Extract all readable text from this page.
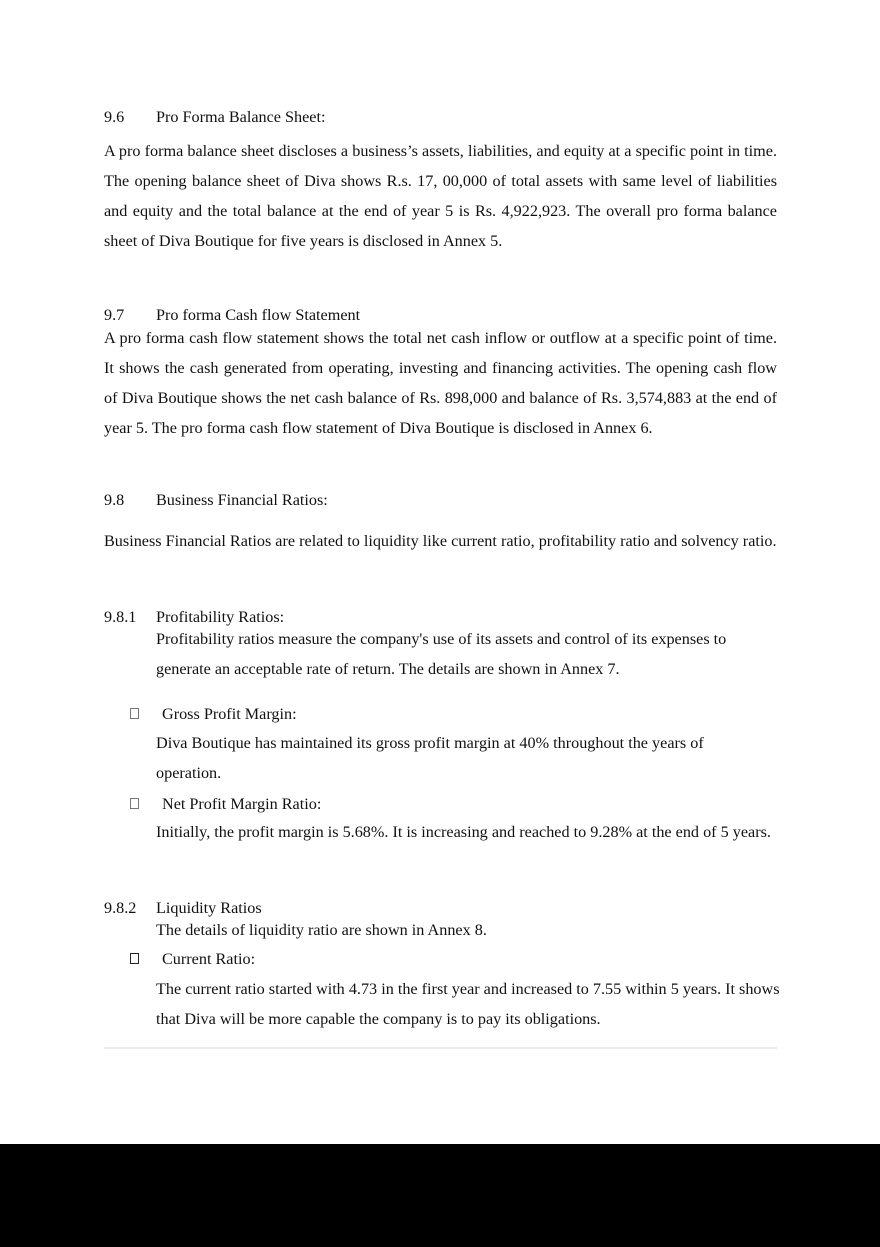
9.6 Pro Forma Balance Sheet:
A pro forma balance sheet discloses a business’s assets, liabilities, and equity at a specific point in time. The opening balance sheet of Diva shows R.s. 17, 00,000 of total assets with same level of liabilities and equity and the total balance at the end of year 5 is Rs. 4,922,923. The overall pro forma balance sheet of Diva Boutique for five years is disclosed in Annex 5.
9.7 Pro forma Cash flow Statement
A pro forma cash flow statement shows the total net cash inflow or outflow at a specific point of time. It shows the cash generated from operating, investing and financing activities. The opening cash flow of Diva Boutique shows the net cash balance of Rs. 898,000 and balance of Rs. 3,574,883 at the end of year 5. The pro forma cash flow statement of Diva Boutique is disclosed in Annex 6.
9.8 Business Financial Ratios:
Business Financial Ratios are related to liquidity like current ratio, profitability ratio and solvency ratio.
9.8.1 Profitability Ratios:
Profitability ratios measure the company's use of its assets and control of its expenses to generate an acceptable rate of return. The details are shown in Annex 7.
Gross Profit Margin:
Diva Boutique has maintained its gross profit margin at 40% throughout the years of operation.
Net Profit Margin Ratio:
Initially, the profit margin is 5.68%. It is increasing and reached to 9.28% at the end of 5 years.
9.8.2 Liquidity Ratios
The details of liquidity ratio are shown in Annex 8.
Current Ratio:
The current ratio started with 4.73 in the first year and increased to 7.55 within 5 years. It shows that Diva will be more capable the company is to pay its obligations.
